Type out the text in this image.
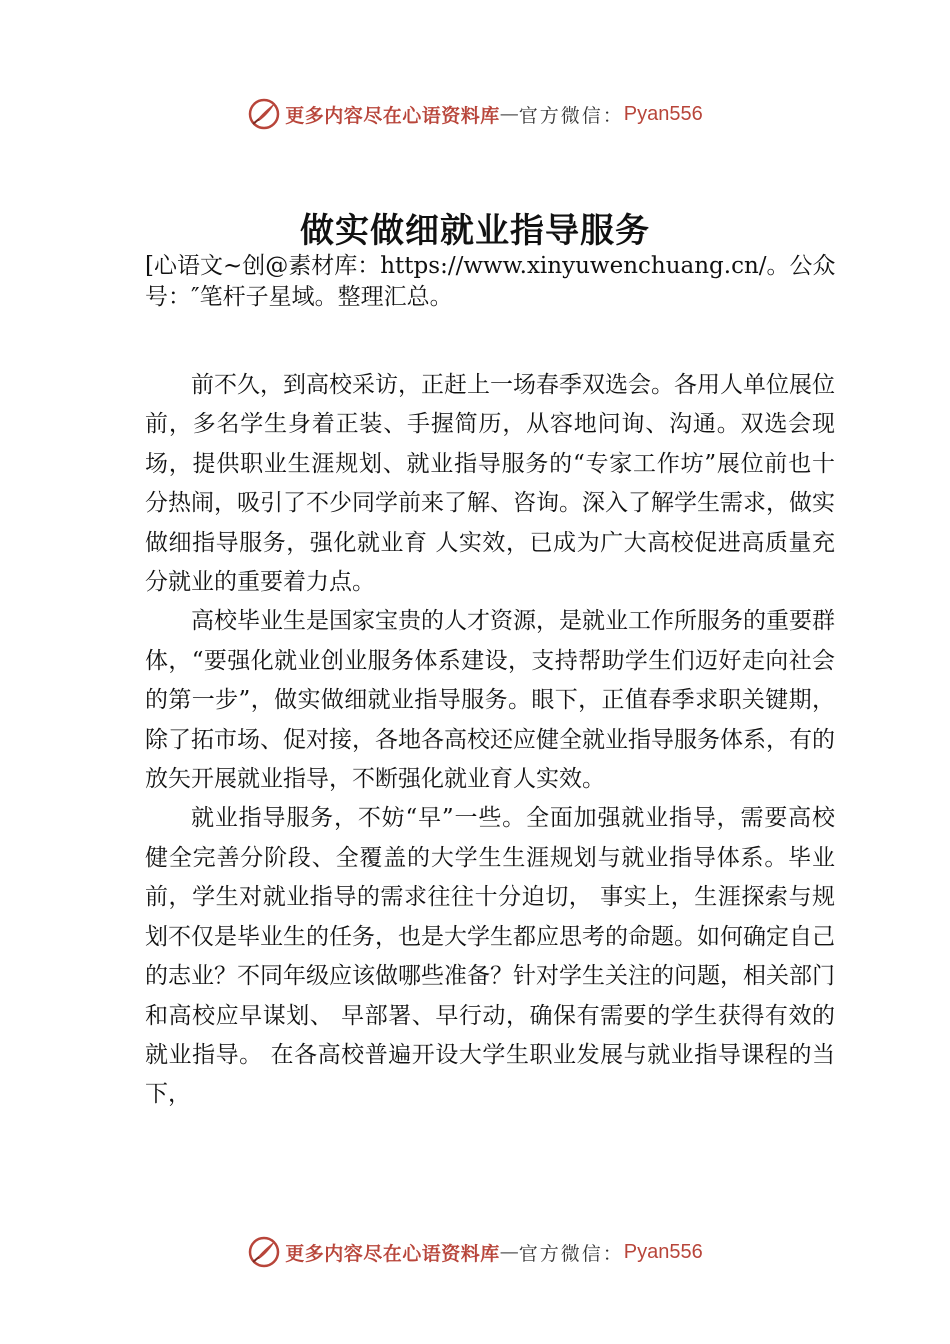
更多内容尽在心语资料库 — 官方微信： Pyan556
做实做细就业指导服务
[心语文~创@素材库：https://www.xinyuwenchuang.cn/。公众号：″笔杆子星域。整理汇总。

前不久，到高校采访，正赶上一场春季双选会。各用人单位展位前，多名学生身着正装、手握简历，从容地问询、沟通。双选会现场，提供职业生涯规划、就业指导服务的“专家工作坊”展位前也十分热闹，吸引了不少同学前来了解、咨询。深入了解学生需求，做实做细指导服务，强化就业育 人实效，已成为广大高校促进高质量充分就业的重要着力点。

高校毕业生是国家宝贵的人才资源，是就业工作所服务的重要群体，“要强化就业创业服务体系建设，支持帮助学生们迈好走向社会的第一步”，做实做细就业指导服务。眼下，正值春季求职关键期，除了拓市场、促对接，各地各高校还应健全就业指导服务体系，有的放矢开展就业指导，不断强化就业育人实效。

就业指导服务，不妨“早”一些。全面加强就业指导，需要高校健全完善分阶段、全覆盖的大学生生涯规划与就业指导体系。毕业前，学生对就业指导的需求往往十分迫切， 事实上，生涯探索与规划不仅是毕业生的任务，也是大学生都应思考的命题。如何确定自己的志业？不同年级应该做哪些准备？针对学生关注的问题，相关部门和高校应早谋划、 早部署、早行动，确保有需要的学生获得有效的就业指导。 在各高校普遍开设大学生职业发展与就业指导课程的当下，

更多内容尽在心语资料库 — 官方微信： Pyan556
